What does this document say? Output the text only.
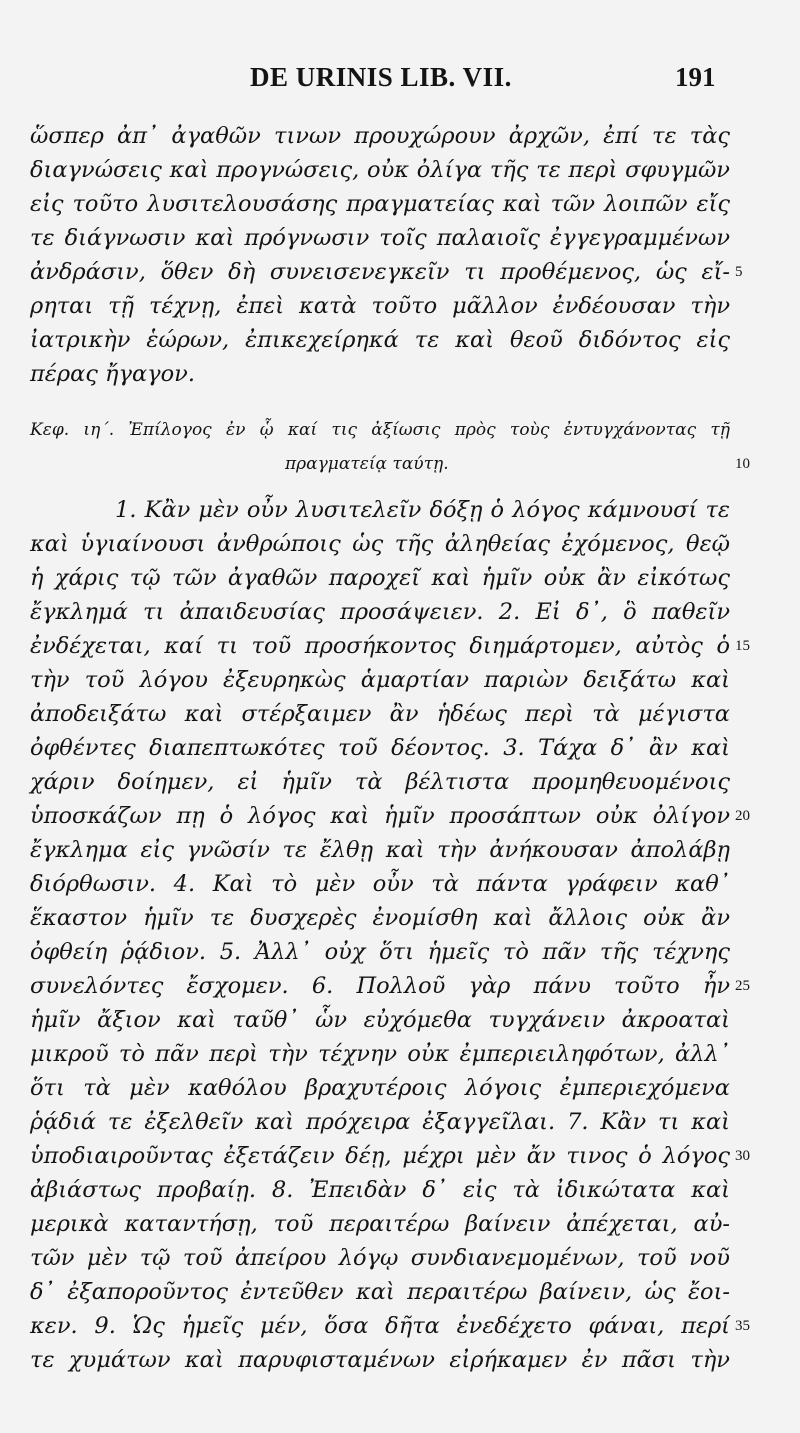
DE URINIS LIB. VII.	191
ὥσπερ ἀπ᾽ ἀγαθῶν τινων προυχώρουν ἀρχῶν, ἐπί τε τὰς
διαγνώσεις καὶ προγνώσεις, οὐκ ὀλίγα τῆς τε περὶ σφυγμῶν
εἰς τοῦτο λυσιτελουσάσης πραγματείας καὶ τῶν λοιπῶν εἴς
τε διάγνωσιν καὶ πρόγνωσιν τοῖς παλαιοῖς ἐγγεγραμμένων
ἀνδράσιν, ὅθεν δὴ συνεισενεγκεῖν τι προθέμενος, ὡς εἴ-
ρηται τῇ τέχνῃ, ἐπεὶ κατὰ τοῦτο μᾶλλον ἐνδέουσαν τὴν
ἰατρικὴν ἑώρων, ἐπικεχείρηκά τε καὶ θεοῦ διδόντος εἰς
πέρας ἤγαγον.
Κεφ. ιη΄. Ἐπίλογος ἐν ᾧ καί τις ἀξίωσις πρὸς τοὺς ἐντυγχάνοντας τῇ
πραγματείᾳ ταύτῃ.
1. Κἂν μὲν οὖν λυσιτελεῖν δόξῃ ὁ λόγος κάμνουσί τε
καὶ ὑγιαίνουσι ἀνθρώποις ὡς τῆς ἀληθείας ἐχόμενος, θεῷ
ἡ χάρις τῷ τῶν ἀγαθῶν παροχεῖ καὶ ἡμῖν οὐκ ἂν εἰκότως
ἔγκλημά τι ἀπαιδευσίας προσάψειεν. 2. Εἰ δ᾽, ὃ παθεῖν
ἐνδέχεται, καί τι τοῦ προσήκοντος διημάρτομεν, αὐτὸς ὁ
τὴν τοῦ λόγου ἐξευρηκὼς ἁμαρτίαν παριὼν δειξάτω καὶ
ἀποδειξάτω καὶ στέρξαιμεν ἂν ἡδέως περὶ τὰ μέγιστα
ὀφθέντες διαπεπτωκότες τοῦ δέοντος. 3. Τάχα δ᾽ ἂν καὶ
χάριν δοίημεν, εἰ ἡμῖν τὰ βέλτιστα προμηθευομένοις
ὑποσκάζων πῃ ὁ λόγος καὶ ἡμῖν προσάπτων οὐκ ὀλίγον
ἔγκλημα εἰς γνῶσίν τε ἔλθῃ καὶ τὴν ἀνήκουσαν ἀπολάβῃ
διόρθωσιν. 4. Καὶ τὸ μὲν οὖν τὰ πάντα γράφειν καθ᾽
ἕκαστον ἡμῖν τε δυσχερὲς ἐνομίσθη καὶ ἄλλοις οὐκ ἂν
ὀφθείη ῥᾴδιον. 5. Ἀλλ᾽ οὐχ ὅτι ἡμεῖς τὸ πᾶν τῆς τέχνης
συνελόντες ἔσχομεν. 6. Πολλοῦ γὰρ πάνυ τοῦτο ἦν
ἡμῖν ἄξιον καὶ ταῦθ᾽ ὧν εὐχόμεθα τυγχάνειν ἀκροαταὶ
μικροῦ τὸ πᾶν περὶ τὴν τέχνην οὐκ ἐμπεριειληφότων, ἀλλ᾽
ὅτι τὰ μὲν καθόλου βραχυτέροις λόγοις ἐμπεριεχόμενα
ῥᾴδιά τε ἐξελθεῖν καὶ πρόχειρα ἐξαγγεῖλαι. 7. Κἂν τι καὶ
ὑποδιαιροῦντας ἐξετάζειν δέῃ, μέχρι μὲν ἄν τινος ὁ λόγος
ἀβιάστως προβαίῃ. 8. Ἐπειδὰν δ᾽ εἰς τὰ ἰδικώτατα καὶ
μερικὰ καταντήσῃ, τοῦ περαιτέρω βαίνειν ἀπέχεται, αὐ-
τῶν μὲν τῷ τοῦ ἀπείρου λόγῳ συνδιανεμομένων, τοῦ νοῦ
δ᾽ ἐξαποροῦντος ἐντεῦθεν καὶ περαιτέρω βαίνειν, ὡς ἔοι-
κεν. 9. Ὡς ἡμεῖς μέν, ὅσα δῆτα ἐνεδέχετο φάναι, περί
τε χυμάτων καὶ παρυφισταμένων εἰρήκαμεν ἐν πᾶσι τὴν
5
10
15
20
25
30
35
